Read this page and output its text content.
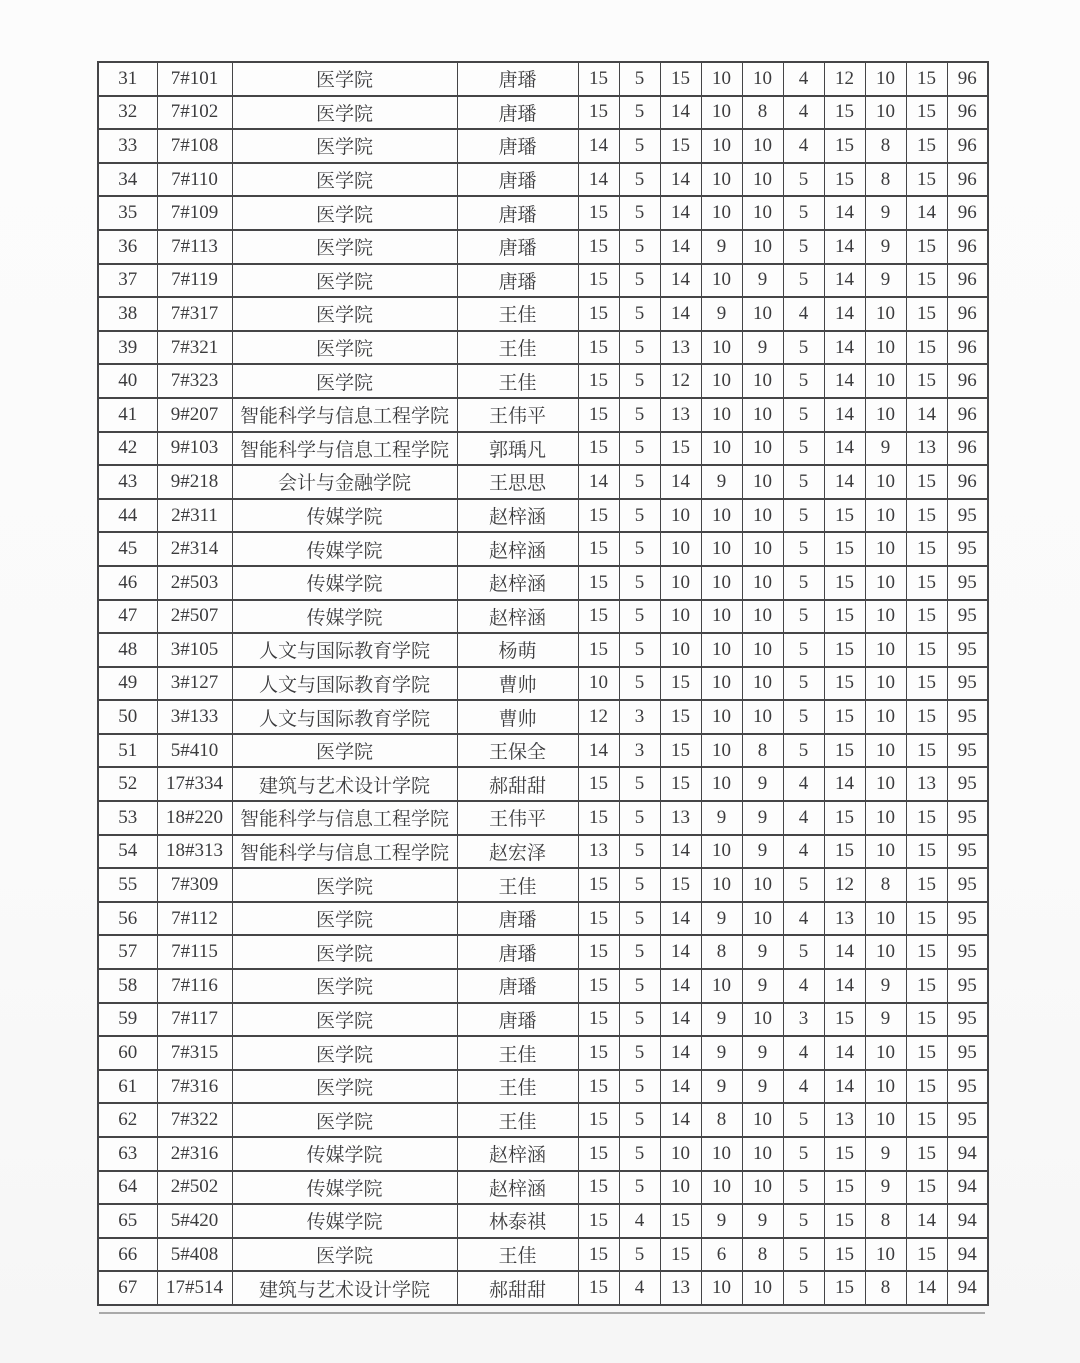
31	7#101	医学院	唐璠	15	5	15	10	10	4	12	10	15	96
32	7#102	医学院	唐璠	15	5	14	10	8	4	15	10	15	96
33	7#108	医学院	唐璠	14	5	15	10	10	4	15	8	15	96
34	7#110	医学院	唐璠	14	5	14	10	10	5	15	8	15	96
35	7#109	医学院	唐璠	15	5	14	10	10	5	14	9	14	96
36	7#113	医学院	唐璠	15	5	14	9	10	5	14	9	15	96
37	7#119	医学院	唐璠	15	5	14	10	9	5	14	9	15	96
38	7#317	医学院	王佳	15	5	14	9	10	4	14	10	15	96
39	7#321	医学院	王佳	15	5	13	10	9	5	14	10	15	96
40	7#323	医学院	王佳	15	5	12	10	10	5	14	10	15	96
41	9#207	智能科学与信息工程学院	王伟平	15	5	13	10	10	5	14	10	14	96
42	9#103	智能科学与信息工程学院	郭瑀凡	15	5	15	10	10	5	14	9	13	96
43	9#218	会计与金融学院	王思思	14	5	14	9	10	5	14	10	15	96
44	2#311	传媒学院	赵梓涵	15	5	10	10	10	5	15	10	15	95
45	2#314	传媒学院	赵梓涵	15	5	10	10	10	5	15	10	15	95
46	2#503	传媒学院	赵梓涵	15	5	10	10	10	5	15	10	15	95
47	2#507	传媒学院	赵梓涵	15	5	10	10	10	5	15	10	15	95
48	3#105	人文与国际教育学院	杨萌	15	5	10	10	10	5	15	10	15	95
49	3#127	人文与国际教育学院	曹帅	10	5	15	10	10	5	15	10	15	95
50	3#133	人文与国际教育学院	曹帅	12	3	15	10	10	5	15	10	15	95
51	5#410	医学院	王保全	14	3	15	10	8	5	15	10	15	95
52	17#334	建筑与艺术设计学院	郝甜甜	15	5	15	10	9	4	14	10	13	95
53	18#220	智能科学与信息工程学院	王伟平	15	5	13	9	9	4	15	10	15	95
54	18#313	智能科学与信息工程学院	赵宏泽	13	5	14	10	9	4	15	10	15	95
55	7#309	医学院	王佳	15	5	15	10	10	5	12	8	15	95
56	7#112	医学院	唐璠	15	5	14	9	10	4	13	10	15	95
57	7#115	医学院	唐璠	15	5	14	8	9	5	14	10	15	95
58	7#116	医学院	唐璠	15	5	14	10	9	4	14	9	15	95
59	7#117	医学院	唐璠	15	5	14	9	10	3	15	9	15	95
60	7#315	医学院	王佳	15	5	14	9	9	4	14	10	15	95
61	7#316	医学院	王佳	15	5	14	9	9	4	14	10	15	95
62	7#322	医学院	王佳	15	5	14	8	10	5	13	10	15	95
63	2#316	传媒学院	赵梓涵	15	5	10	10	10	5	15	9	15	94
64	2#502	传媒学院	赵梓涵	15	5	10	10	10	5	15	9	15	94
65	5#420	传媒学院	林泰祺	15	4	15	9	9	5	15	8	14	94
66	5#408	医学院	王佳	15	5	15	6	8	5	15	10	15	94
67	17#514	建筑与艺术设计学院	郝甜甜	15	4	13	10	10	5	15	8	14	94
